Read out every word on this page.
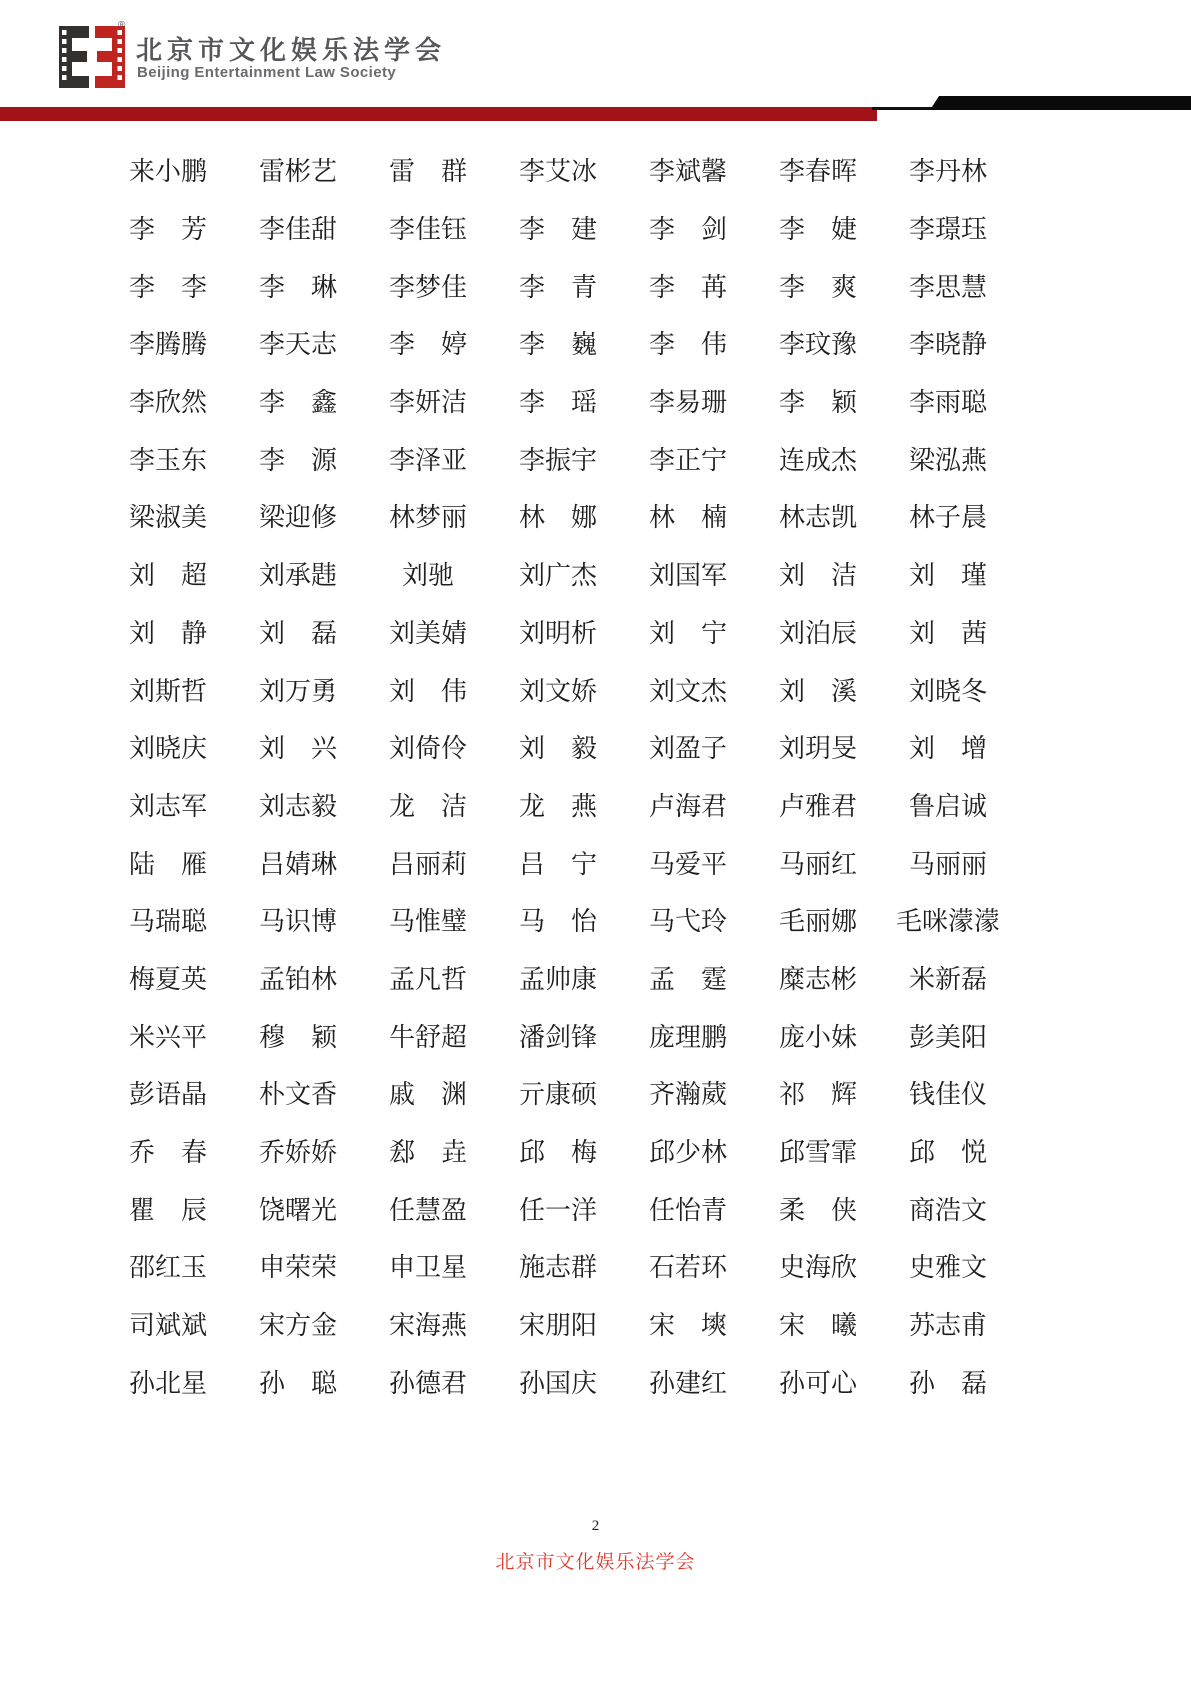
®
北京市文化娱乐法学会
Beijing Entertainment Law Society
来小鹏	雷彬艺	雷　群	李艾冰	李斌馨	李春晖	李丹林
李　芳	李佳甜	李佳钰	李　建	李　剑	李　婕	李璟珏
李　李	李　琳	李梦佳	李　青	李　苒	李　爽	李思慧
李腾腾	李天志	李　婷	李　巍	李　伟	李玟豫	李晓静
李欣然	李　鑫	李妍洁	李　瑶	李易珊	李　颖	李雨聪
李玉东	李　源	李泽亚	李振宇	李正宁	连成杰	梁泓燕
梁淑美	梁迎修	林梦丽	林　娜	林　楠	林志凯	林子晨
刘　超	刘承韪	刘驰	刘广杰	刘国军	刘　洁	刘　瑾
刘　静	刘　磊	刘美婧	刘明析	刘　宁	刘泊辰	刘　茜
刘斯哲	刘万勇	刘　伟	刘文娇	刘文杰	刘　溪	刘晓冬
刘晓庆	刘　兴	刘倚伶	刘　毅	刘盈子	刘玥旻	刘　增
刘志军	刘志毅	龙　洁	龙　燕	卢海君	卢雅君	鲁启诚
陆　雁	吕婧琳	吕丽莉	吕　宁	马爱平	马丽红	马丽丽
马瑞聪	马识博	马惟璧	马　怡	马弋玲	毛丽娜	毛咪濛濛
梅夏英	孟铂林	孟凡哲	孟帅康	孟　霆	糜志彬	米新磊
米兴平	穆　颖	牛舒超	潘剑锋	庞理鹏	庞小妹	彭美阳
彭语晶	朴文香	戚　渊	亓康硕	齐瀚葳	祁　辉	钱佳仪
乔　春	乔娇娇	郄　垚	邱　梅	邱少林	邱雪霏	邱　悦
瞿　辰	饶曙光	任慧盈	任一洋	任怡青	柔　侠	商浩文
邵红玉	申荣荣	申卫星	施志群	石若环	史海欣	史雅文
司斌斌	宋方金	宋海燕	宋朋阳	宋　塽	宋　曦	苏志甫
孙北星	孙　聪	孙德君	孙国庆	孙建红	孙可心	孙　磊
2
北京市文化娱乐法学会
